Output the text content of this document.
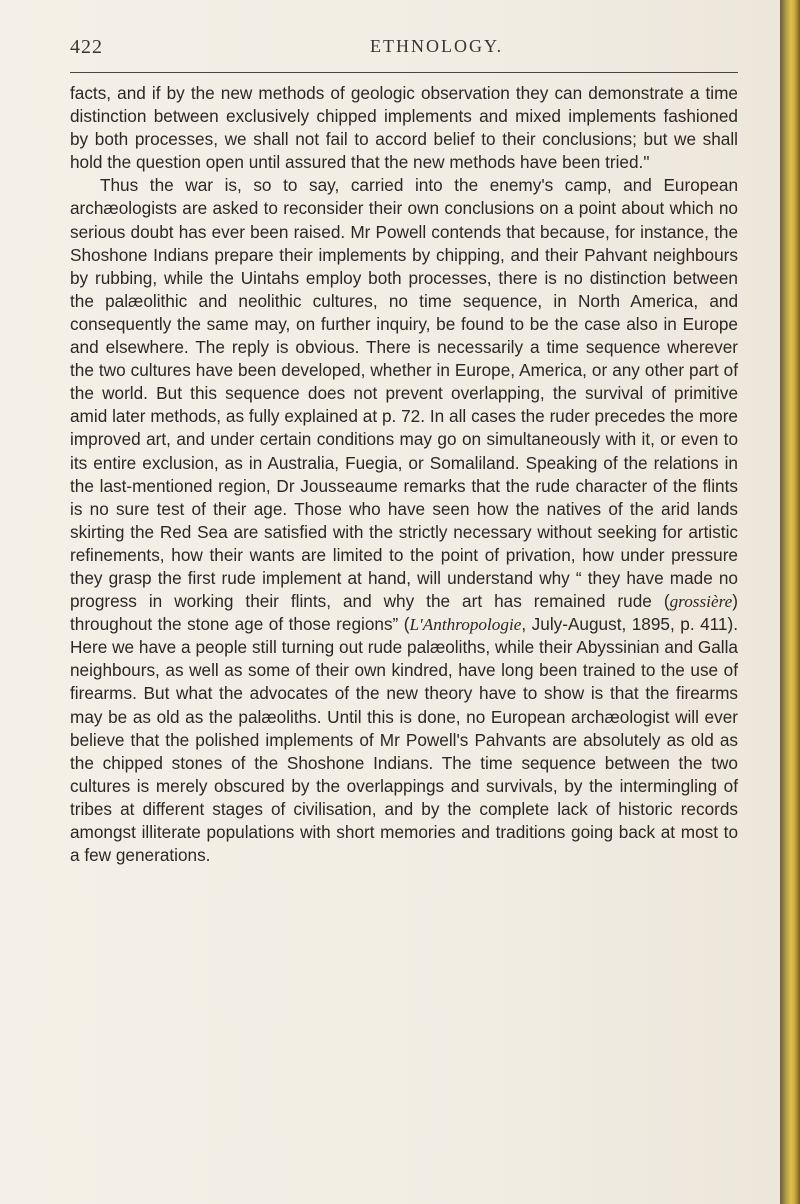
422	ETHNOLOGY.

facts, and if by the new methods of geologic observation they can demonstrate a time distinction between exclusively chipped implements and mixed implements fashioned by both processes, we shall not fail to accord belief to their conclusions; but we shall hold the question open until assured that the new methods have been tried."

Thus the war is, so to say, carried into the enemy's camp, and European archæologists are asked to reconsider their own conclusions on a point about which no serious doubt has ever been raised. Mr Powell contends that because, for instance, the Shoshone Indians prepare their implements by chipping, and their Pahvant neighbours by rubbing, while the Uintahs employ both processes, there is no distinction between the palæolithic and neolithic cultures, no time sequence, in North America, and consequently the same may, on further inquiry, be found to be the case also in Europe and elsewhere. The reply is obvious. There is necessarily a time sequence wherever the two cultures have been developed, whether in Europe, America, or any other part of the world. But this sequence does not prevent overlapping, the survival of primitive amid later methods, as fully explained at p. 72. In all cases the ruder precedes the more improved art, and under certain conditions may go on simultaneously with it, or even to its entire exclusion, as in Australia, Fuegia, or Somaliland. Speaking of the relations in the last-mentioned region, Dr Jousseaume remarks that the rude character of the flints is no sure test of their age. Those who have seen how the natives of the arid lands skirting the Red Sea are satisfied with the strictly necessary without seeking for artistic refinements, how their wants are limited to the point of privation, how under pressure they grasp the first rude implement at hand, will understand why “ they have made no progress in working their flints, and why the art has remained rude (grossière) throughout the stone age of those regions” (L'Anthropologie, July-August, 1895, p. 411). Here we have a people still turning out rude palæoliths, while their Abyssinian and Galla neighbours, as well as some of their own kindred, have long been trained to the use of firearms. But what the advocates of the new theory have to show is that the firearms may be as old as the palæoliths. Until this is done, no European archæologist will ever believe that the polished implements of Mr Powell's Pahvants are absolutely as old as the chipped stones of the Shoshone Indians. The time sequence between the two cultures is merely obscured by the overlappings and survivals, by the intermingling of tribes at different stages of civilisation, and by the complete lack of historic records amongst illiterate populations with short memories and traditions going back at most to a few generations.
